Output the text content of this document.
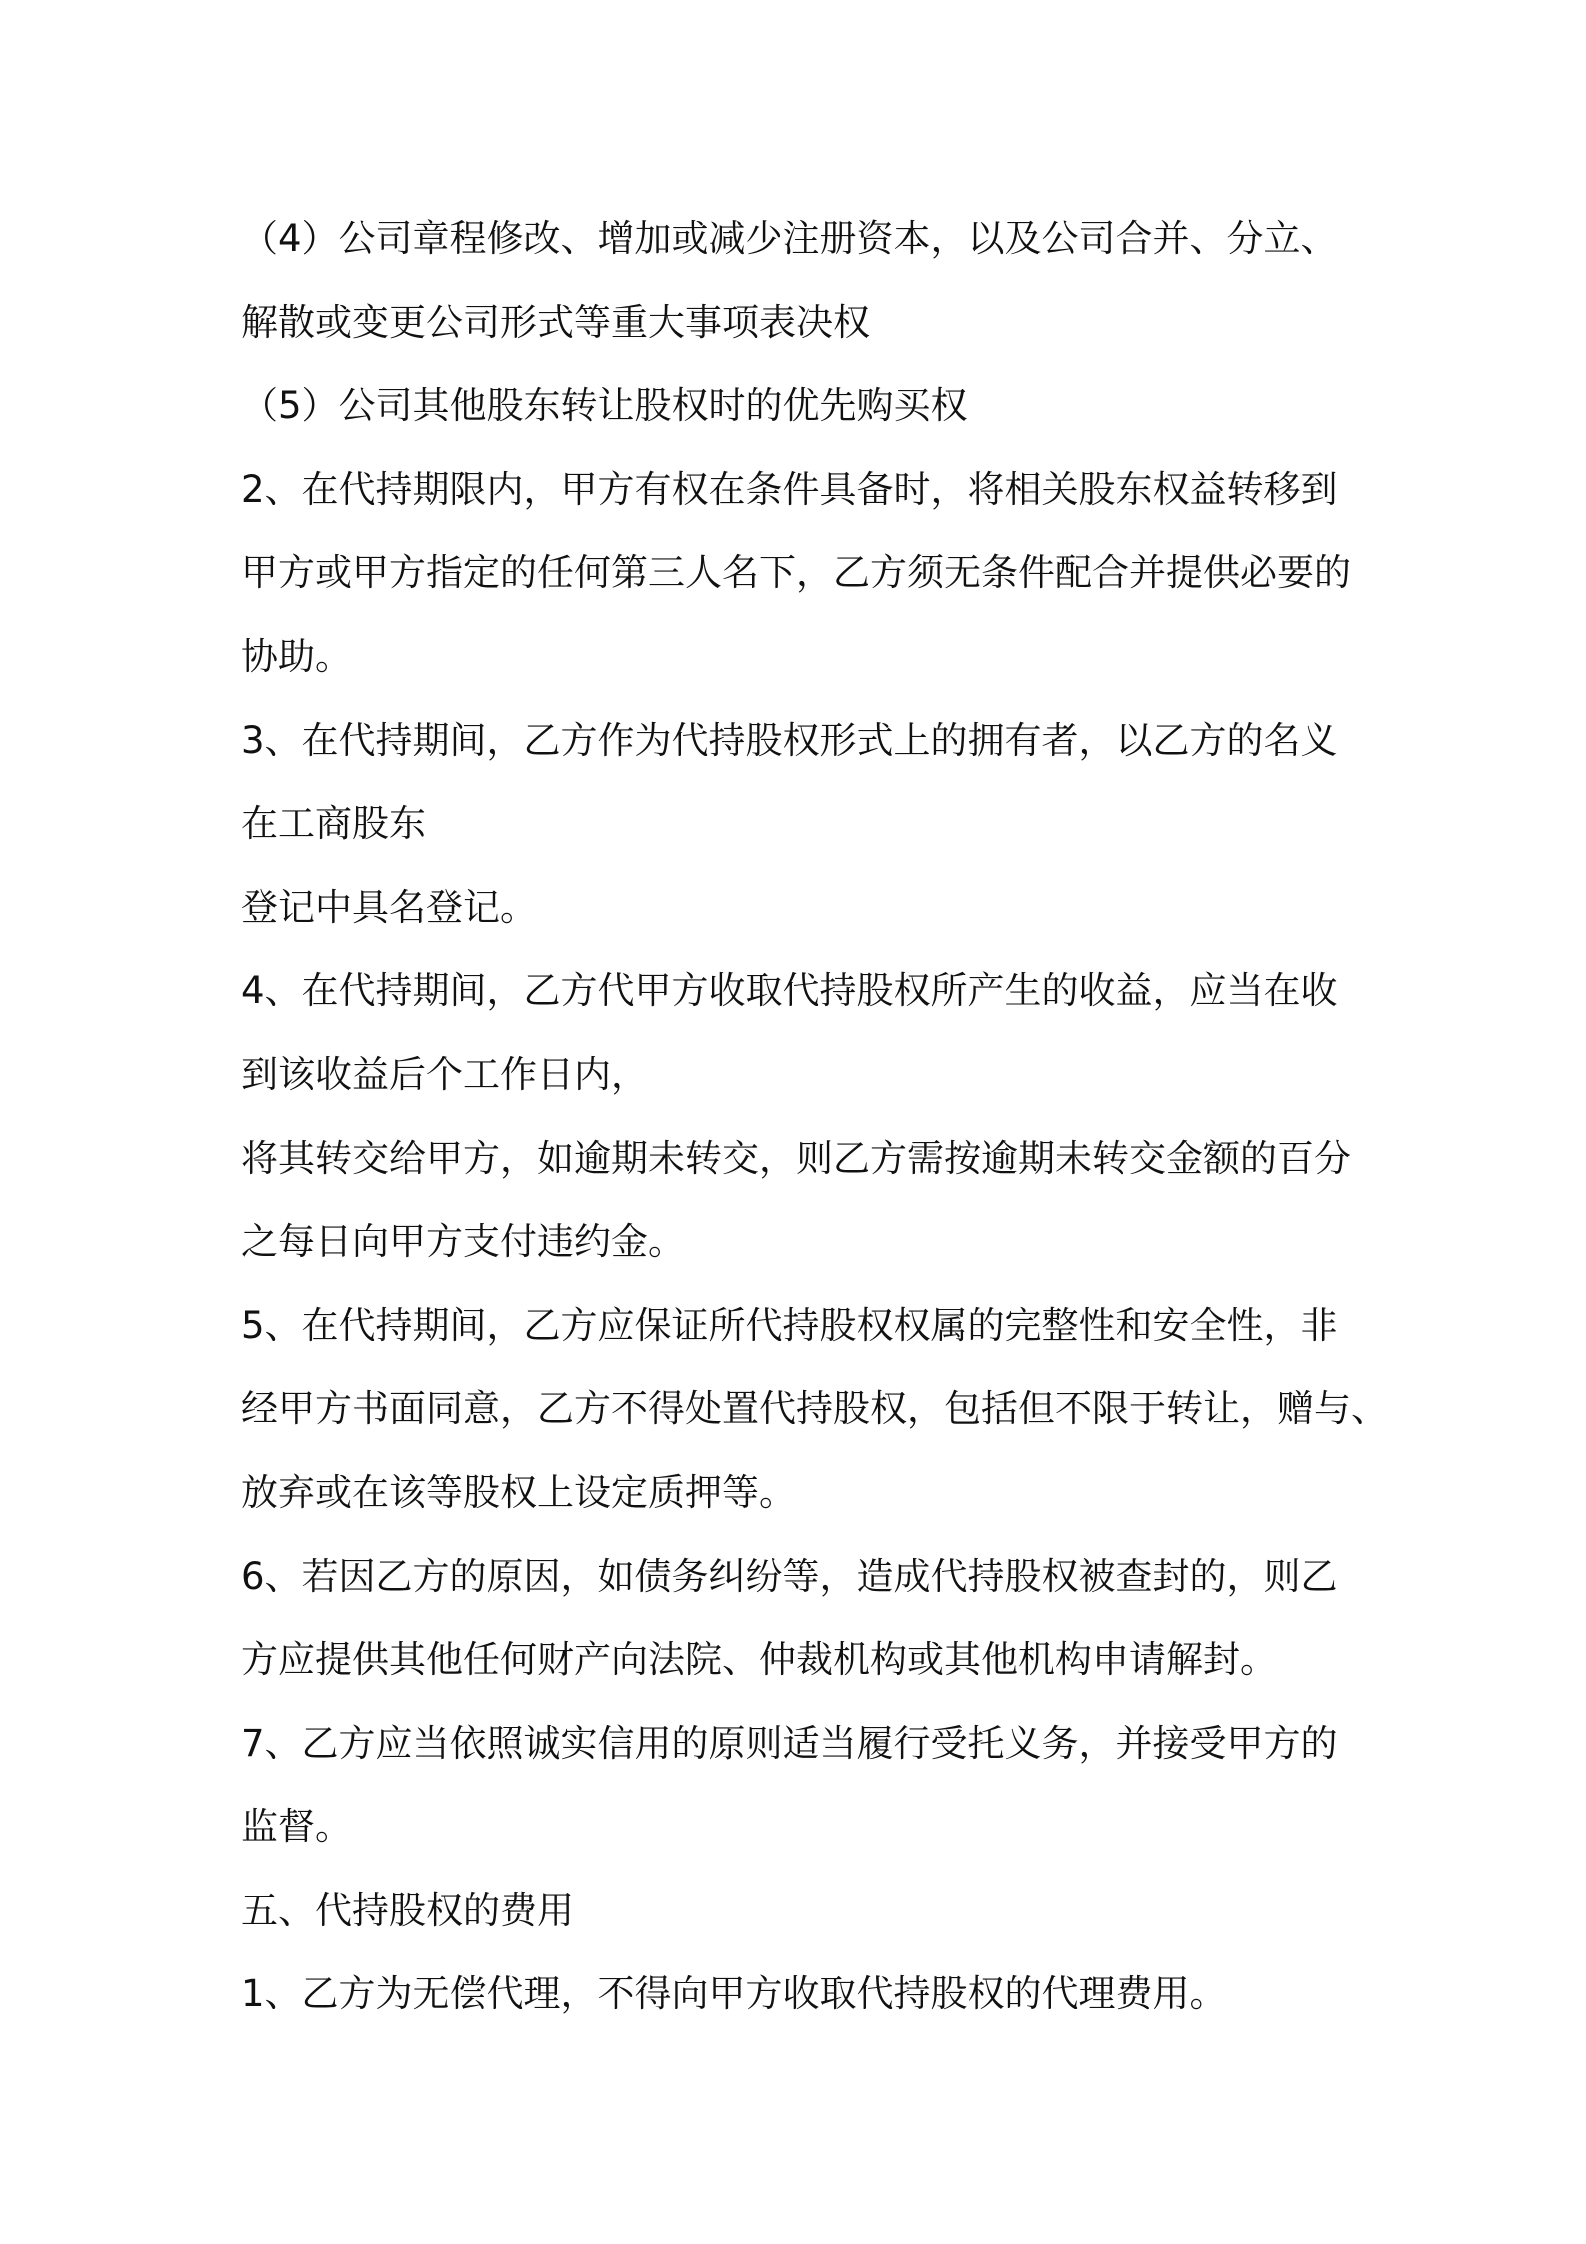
（4）公司章程修改、增加或减少注册资本，以及公司合并、分立、
解散或变更公司形式等重大事项表决权
（5）公司其他股东转让股权时的优先购买权
2、在代持期限内，甲方有权在条件具备时，将相关股东权益转移到
甲方或甲方指定的任何第三人名下，乙方须无条件配合并提供必要的
协助。
3、在代持期间，乙方作为代持股权形式上的拥有者，以乙方的名义
在工商股东
登记中具名登记。
4、在代持期间，乙方代甲方收取代持股权所产生的收益，应当在收
到该收益后个工作日内，
将其转交给甲方，如逾期未转交，则乙方需按逾期未转交金额的百分
之每日向甲方支付违约金。
5、在代持期间，乙方应保证所代持股权权属的完整性和安全性，非
经甲方书面同意，乙方不得处置代持股权，包括但不限于转让，赠与、
放弃或在该等股权上设定质押等。
6、若因乙方的原因，如债务纠纷等，造成代持股权被查封的，则乙
方应提供其他任何财产向法院、仲裁机构或其他机构申请解封。
7、乙方应当依照诚实信用的原则适当履行受托义务，并接受甲方的
监督。
五、代持股权的费用
1、乙方为无偿代理，不得向甲方收取代持股权的代理费用。
